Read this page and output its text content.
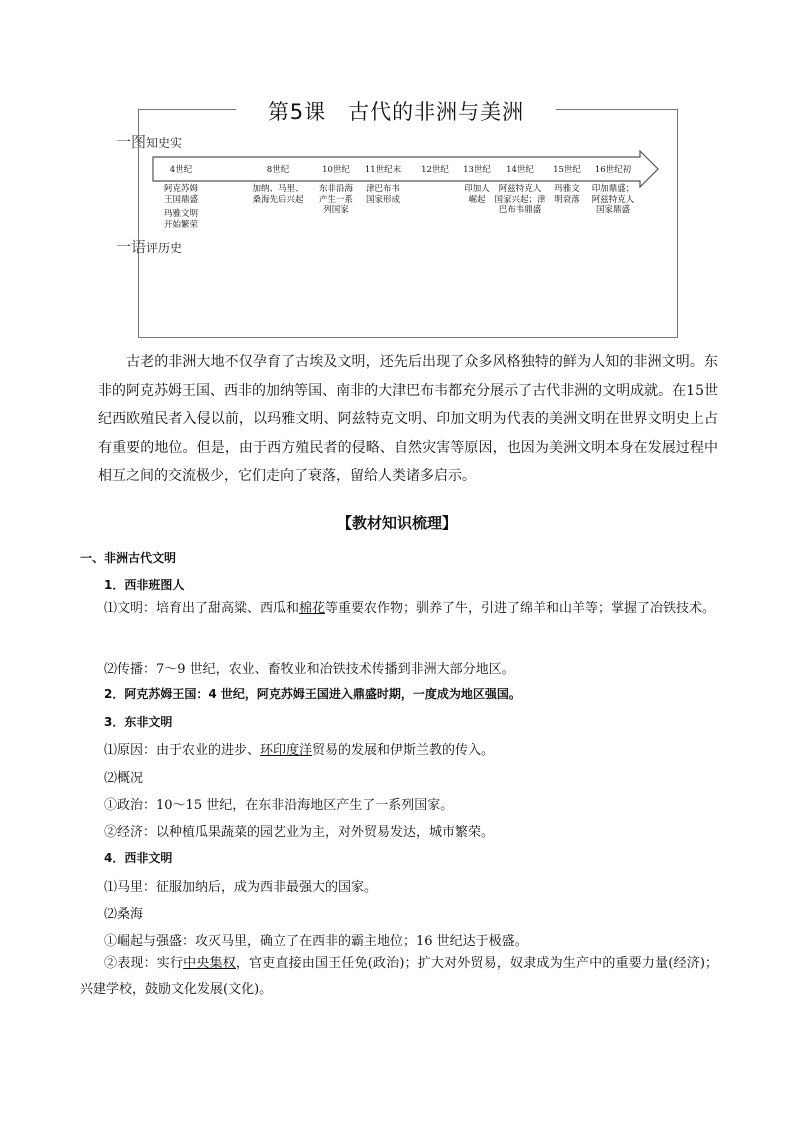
第5课　古代的非洲与美洲
一图知史实
一语评历史
4世纪
阿克苏姆
王国鼎盛
玛雅文明
开始繁荣
8世纪
加纳、马里、
桑海先后兴起
10世纪
东非沿海
产生一系
列国家
11世纪末
津巴布韦
国家形成
12世纪 13世纪
印加人
崛起
14世纪
阿兹特克人
国家兴起；津
巴布韦鼎盛
15世纪
玛雅文
明衰落
16世纪初
印加鼎盛；
阿兹特克人
国家鼎盛
古老的非洲大地不仅孕育了古埃及文明，还先后出现了众多风格独特的鲜为人知的非洲文明。东非的阿克苏姆王国、西非的加纳等国、南非的大津巴布韦都充分展示了古代非洲的文明成就。在15世纪西欧殖民者入侵以前，以玛雅文明、阿兹特克文明、印加文明为代表的美洲文明在世界文明史上占有重要的地位。但是，由于西方殖民者的侵略、自然灾害等原因，也因为美洲文明本身在发展过程中相互之间的交流极少，它们走向了衰落，留给人类诸多启示。
【教材知识梳理】
一、非洲古代文明
1．西非班图人
⑴文明：培育出了甜高粱、西瓜和棉花等重要农作物；驯养了牛，引进了绵羊和山羊等；掌握了冶铁技术。
⑵传播：7～9 世纪，农业、畜牧业和冶铁技术传播到非洲大部分地区。
2．阿克苏姆王国：4 世纪，阿克苏姆王国进入鼎盛时期，一度成为地区强国。
3．东非文明
⑴原因：由于农业的进步、环印度洋贸易的发展和伊斯兰教的传入。
⑵概况
①政治：10～15 世纪，在东非沿海地区产生了一系列国家。
②经济：以种植瓜果蔬菜的园艺业为主，对外贸易发达，城市繁荣。
4．西非文明
⑴马里：征服加纳后，成为西非最强大的国家。
⑵桑海
①崛起与强盛：攻灭马里，确立了在西非的霸主地位；16 世纪达于极盛。
②表现：实行中央集权，官吏直接由国王任免(政治)；扩大对外贸易，奴隶成为生产中的重要力量(经济)；兴建学校，鼓励文化发展(文化)。
